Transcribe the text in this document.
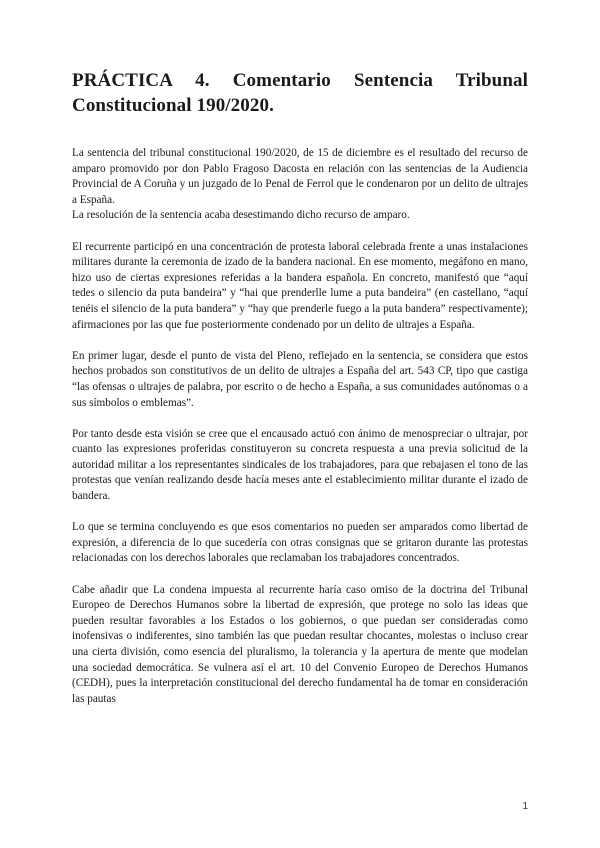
PRÁCTICA 4. Comentario Sentencia Tribunal
Constitucional 190/2020.

La sentencia del tribunal constitucional 190/2020, de 15 de diciembre es el resultado del recurso de amparo promovido por don Pablo Fragoso Dacosta en relación con las sentencias de la Audiencia Provincial de A Coruña y un juzgado de lo Penal de Ferrol que le condenaron por un delito de ultrajes a España.

La resolución de la sentencia acaba desestimando dicho recurso de amparo.

El recurrente participó en una concentración de protesta laboral celebrada frente a unas instalaciones militares durante la ceremonia de izado de la bandera nacional. En ese momento, megáfono en mano, hizo uso de ciertas expresiones referidas a la bandera española. En concreto, manifestó que “aquí tedes o silencio da puta bandeira” y “hai que prenderlle lume a puta bandeira” (en castellano, “aquí tenéis el silencio de la puta bandera” y “hay que prenderle fuego a la puta bandera” respectivamente); afirmaciones por las que fue posteriormente condenado por un delito de ultrajes a España.

En primer lugar, desde el punto de vista del Pleno, reflejado en la sentencia, se considera que estos hechos probados son constitutivos de un delito de ultrajes a España del art. 543 CP, tipo que castiga “las ofensas o ultrajes de palabra, por escrito o de hecho a España, a sus comunidades autónomas o a sus símbolos o emblemas”.

Por tanto desde esta visión se cree que el encausado actuó con ánimo de menospreciar o ultrajar, por cuanto las expresiones proferidas constituyeron su concreta respuesta a una previa solicitud de la autoridad militar a los representantes sindicales de los trabajadores, para que rebajasen el tono de las protestas que venían realizando desde hacía meses ante el establecimiento militar durante el izado de bandera.

Lo que se termina concluyendo es que esos comentarios no pueden ser amparados como libertad de expresión, a diferencia de lo que sucedería con otras consignas que se gritaron durante las protestas relacionadas con los derechos laborales que reclamaban los trabajadores concentrados.

Cabe añadir que La condena impuesta al recurrente haría caso omiso de la doctrina del Tribunal Europeo de Derechos Humanos sobre la libertad de expresión, que protege no solo las ideas que pueden resultar favorables a los Estados o los gobiernos, o que puedan ser consideradas como inofensivas o indiferentes, sino también las que puedan resultar chocantes, molestas o incluso crear una cierta división, como esencia del pluralismo, la tolerancia y la apertura de mente que modelan una sociedad democrática. Se vulnera así el art. 10 del Convenio Europeo de Derechos Humanos (CEDH), pues la interpretación constitucional del derecho fundamental ha de tomar en consideración las pautas

1
